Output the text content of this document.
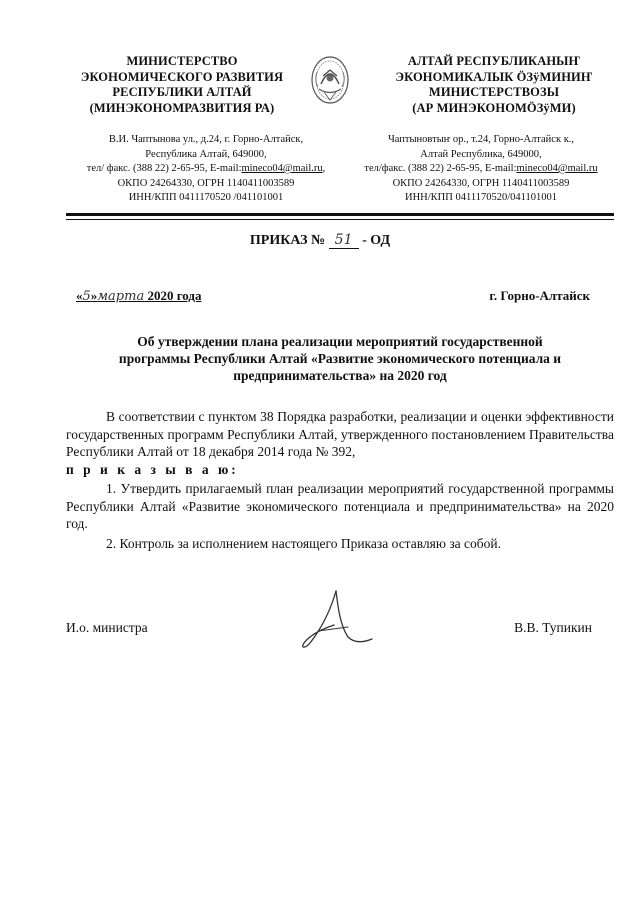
МИНИСТЕРСТВО
ЭКОНОМИЧЕСКОГО РАЗВИТИЯ
РЕСПУБЛИКИ АЛТАЙ
(МИНЭКОНОМРАЗВИТИЯ РА)
АЛТАЙ РЕСПУБЛИКАНЫҤ
ЭКОНОМИКАЛЫК ÖЗÿМИНИҤ
МИНИСТЕРСТВОЗЫ
(АР МИНЭКОНОМÖЗÿМИ)
В.И. Чаптынова ул., д.24, г. Горно-Алтайск,
Республика Алтай, 649000,
тел/ факс. (388 22) 2-65-95, E-mail:mineco04@mail.ru,
ОКПО 24264330, ОГРН 1140411003589
ИНН/КПП 0411170520 /041101001
Чаптыновтыҥ ор., т.24, Горно-Алтайск к.,
Алтай Республика, 649000,
тел/факс. (388 22) 2-65-95, E-mail:mineco04@mail.ru
ОКПО 24264330, ОГРН 1140411003589
ИНН/КПП 0411170520/041101001
ПРИКАЗ № 51 - ОД
«5»марта 2020 года	г. Горно-Алтайск
Об утверждении плана реализации мероприятий государственной
программы Республики Алтай «Развитие экономического потенциала и
предпринимательства» на 2020 год

В соответствии с пунктом 38 Порядка разработки, реализации и оценки эффективности государственных программ Республики Алтай, утвержденного постановлением Правительства Республики Алтай от 18 декабря 2014 года № 392,

п р и к а з ы в а ю:

1. Утвердить прилагаемый план реализации мероприятий государственной программы Республики Алтай «Развитие экономического потенциала и предпринимательства» на 2020 год.

2. Контроль за исполнением настоящего Приказа оставляю за собой.

И.о. министра	В.В. Тупикин
